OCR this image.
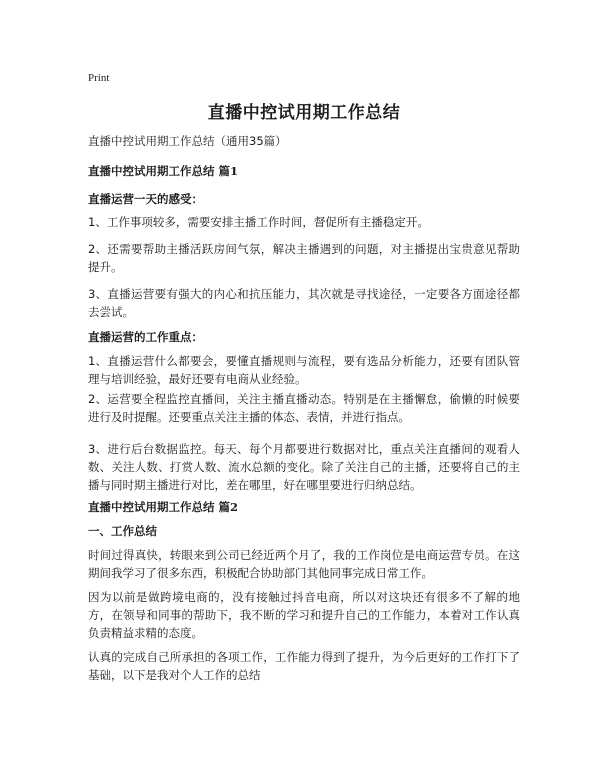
Print
直播中控试用期工作总结

直播中控试用期工作总结（通用35篇）

直播中控试用期工作总结 篇1

直播运营一天的感受：

1、工作事项较多，需要安排主播工作时间，督促所有主播稳定开。

2、还需要帮助主播活跃房间气氛，解决主播遇到的问题，对主播提出宝贵意见帮助提升。

3、直播运营要有强大的内心和抗压能力，其次就是寻找途径，一定要各方面途径都去尝试。

直播运营的工作重点：

1、直播运营什么都要会，要懂直播规则与流程，要有选品分析能力，还要有团队管理与培训经验，最好还要有电商从业经验。

2、运营要全程监控直播间，关注主播直播动态。特别是在主播懈怠，偷懒的时候要进行及时提醒。还要重点关注主播的体态、表情，并进行指点。

3、进行后台数据监控。每天、每个月都要进行数据对比，重点关注直播间的观看人数、关注人数、打赏人数、流水总额的变化。除了关注自己的主播，还要将自己的主播与同时期主播进行对比，差在哪里，好在哪里要进行归纳总结。

直播中控试用期工作总结 篇2

一、工作总结

时间过得真快，转眼来到公司已经近两个月了，我的工作岗位是电商运营专员。在这期间我学习了很多东西，积极配合协助部门其他同事完成日常工作。

因为以前是做跨境电商的，没有接触过抖音电商，所以对这块还有很多不了解的地方，在领导和同事的帮助下，我不断的学习和提升自己的工作能力，本着对工作认真负责精益求精的态度。

认真的完成自己所承担的各项工作，工作能力得到了提升，为今后更好的工作打下了基础，以下是我对个人工作的总结
